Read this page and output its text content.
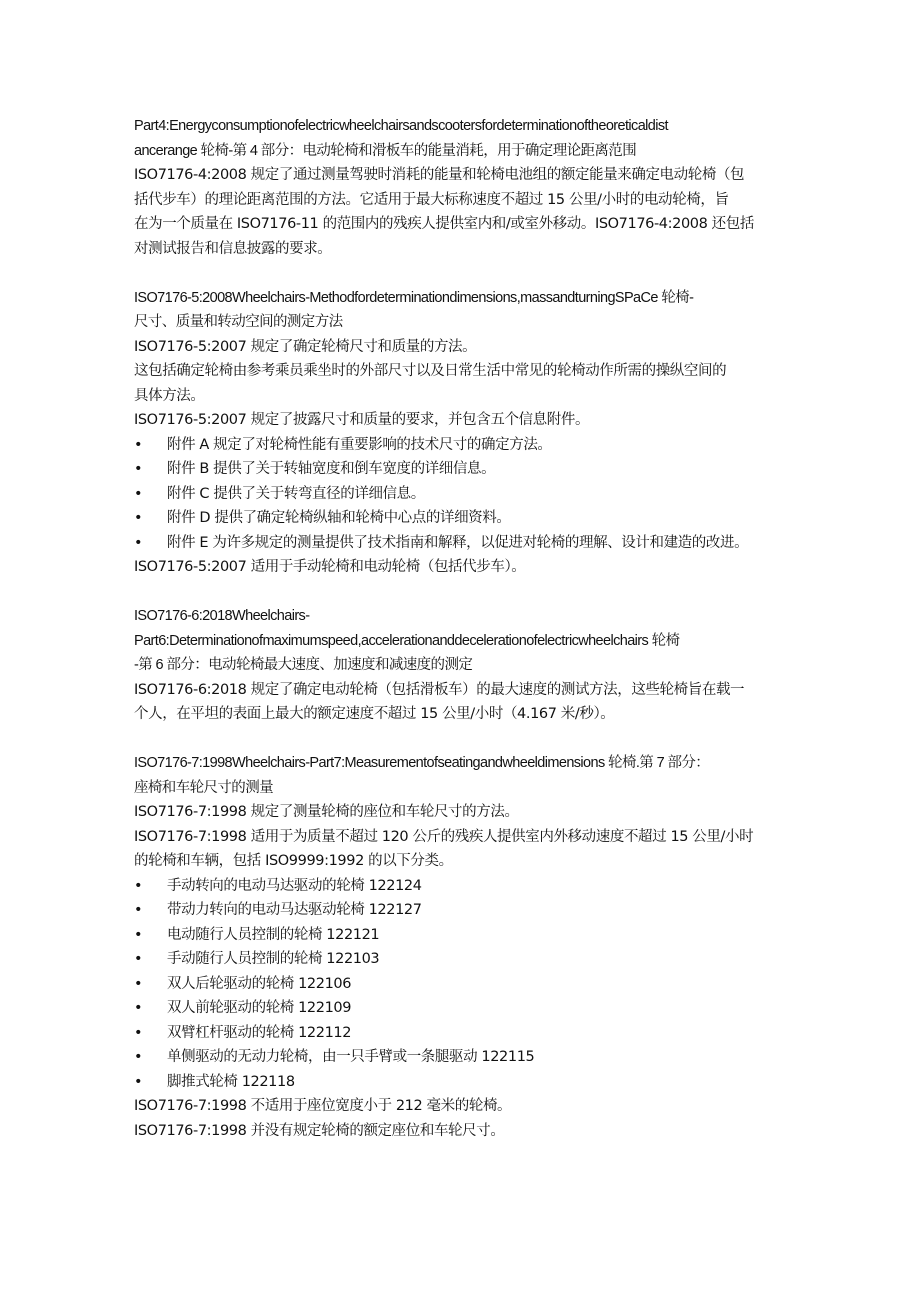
Part4:Energyconsumptionofelectricwheelchairsandscootersfordeterminationoftheoreticaldist
ancerange 轮椅-第 4 部分：电动轮椅和滑板车的能量消耗，用于确定理论距离范围
ISO7176-4:2008 规定了通过测量驾驶时消耗的能量和轮椅电池组的额定能量来确定电动轮椅（包
括代步车）的理论距离范围的方法。它适用于最大标称速度不超过 15 公里/小时的电动轮椅，旨
在为一个质量在 ISO7176-11 的范围内的残疾人提供室内和/或室外移动。ISO7176-4:2008 还包括
对测试报告和信息披露的要求。
ISO7176-5:2008Wheelchairs-Methodfordeterminationdimensions,massandturningSPaCe 轮椅-
尺寸、质量和转动空间的测定方法
ISO7176-5:2007 规定了确定轮椅尺寸和质量的方法。
这包括确定轮椅由参考乘员乘坐时的外部尺寸以及日常生活中常见的轮椅动作所需的操纵空间的
具体方法。
ISO7176-5:2007 规定了披露尺寸和质量的要求，并包含五个信息附件。
• 附件 A 规定了对轮椅性能有重要影响的技术尺寸的确定方法。
• 附件 B 提供了关于转轴宽度和倒车宽度的详细信息。
• 附件 C 提供了关于转弯直径的详细信息。
• 附件 D 提供了确定轮椅纵轴和轮椅中心点的详细资料。
• 附件 E 为许多规定的测量提供了技术指南和解释，以促进对轮椅的理解、设计和建造的改进。
ISO7176-5:2007 适用于手动轮椅和电动轮椅（包括代步车）。
ISO7176-6:2018Wheelchairs-
Part6:Determinationofmaximumspeed,accelerationanddecelerationofelectricwheelchairs 轮椅
-第 6 部分：电动轮椅最大速度、加速度和减速度的测定
ISO7176-6:2018 规定了确定电动轮椅（包括滑板车）的最大速度的测试方法，这些轮椅旨在载一
个人，在平坦的表面上最大的额定速度不超过 15 公里/小时（4.167 米/秒）。
ISO7176-7:1998Wheelchairs-Part7:Measurementofseatingandwheeldimensions 轮椅.第 7 部分：
座椅和车轮尺寸的测量
ISO7176-7:1998 规定了测量轮椅的座位和车轮尺寸的方法。
ISO7176-7:1998 适用于为质量不超过 120 公斤的残疾人提供室内外移动速度不超过 15 公里/小时
的轮椅和车辆，包括 ISO9999:1992 的以下分类。
• 手动转向的电动马达驱动的轮椅 122124
• 带动力转向的电动马达驱动轮椅 122127
• 电动随行人员控制的轮椅 122121
• 手动随行人员控制的轮椅 122103
• 双人后轮驱动的轮椅 122106
• 双人前轮驱动的轮椅 122109
• 双臂杠杆驱动的轮椅 122112
• 单侧驱动的无动力轮椅，由一只手臂或一条腿驱动 122115
• 脚推式轮椅 122118
ISO7176-7:1998 不适用于座位宽度小于 212 毫米的轮椅。
ISO7176-7:1998 并没有规定轮椅的额定座位和车轮尺寸。
